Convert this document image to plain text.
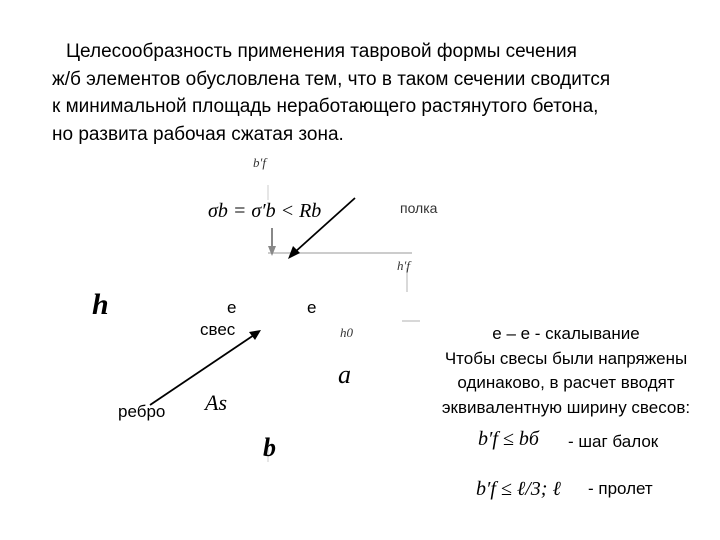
Целесообразность применения тавровой формы сечения
ж/б элементов обусловлена тем, что в таком сечении сводится
к минимальной площадь неработающего растянутого бетона,
но развита рабочая сжатая зона.
b′f
σb = σ′b < Rb	полка
h′f
h	e	e
свес	h0
a
ребро As
b
e – e - скалывание
Чтобы свесы были напряжены
одинаково, в расчет вводят
эквивалентную ширину свесов:
b′f ≤ bб - шаг балок
b′f ≤ ℓ/3; ℓ - пролет
